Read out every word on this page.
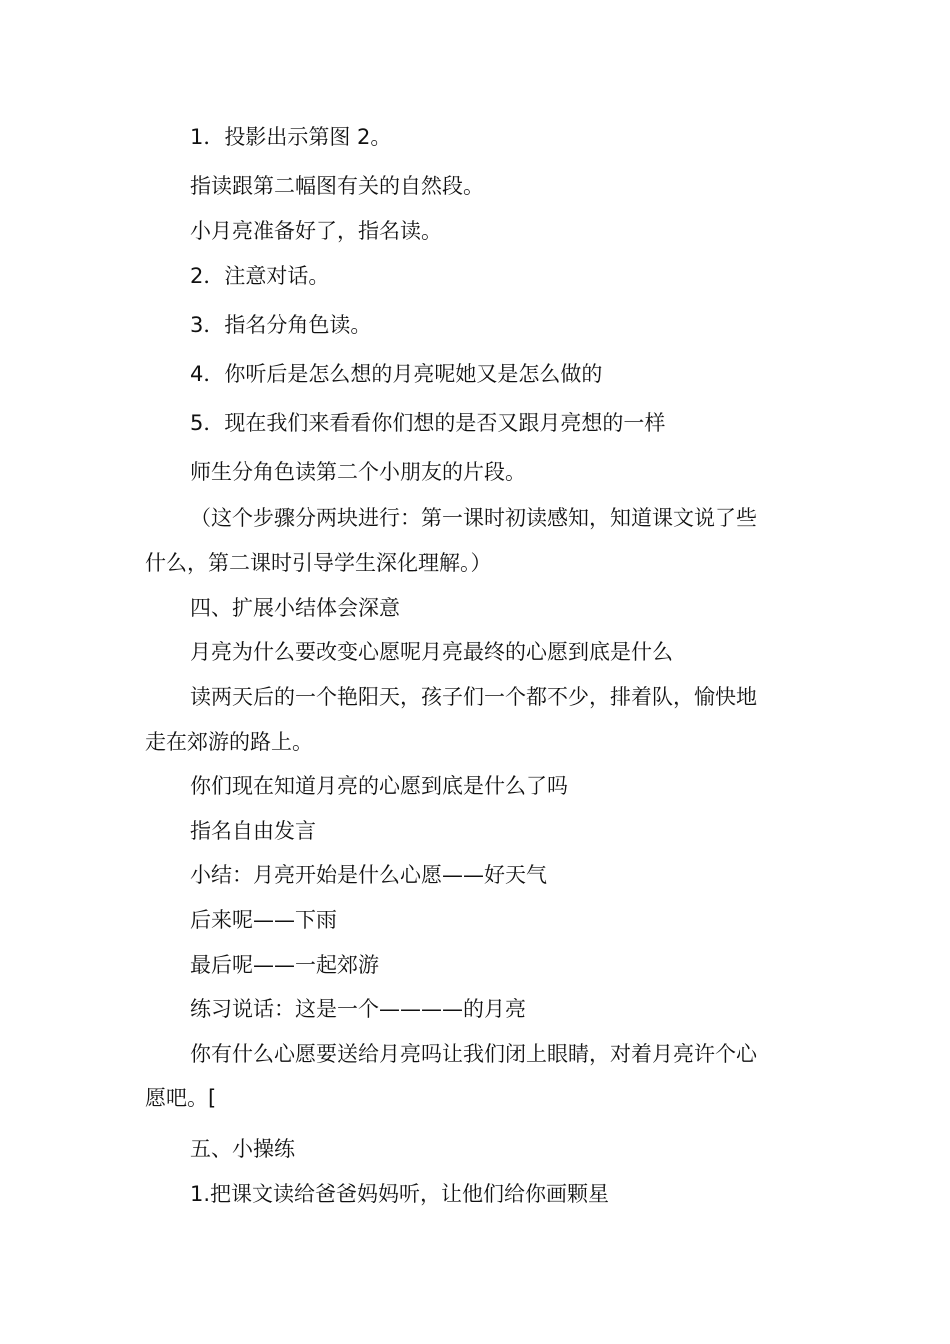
1．投影出示第图 2。
指读跟第二幅图有关的自然段。
小月亮准备好了，指名读。
2．注意对话。
3．指名分角色读。
4．你听后是怎么想的月亮呢她又是怎么做的
5．现在我们来看看你们想的是否又跟月亮想的一样
师生分角色读第二个小朋友的片段。
（这个步骤分两块进行：第一课时初读感知，知道课文说了些
什么，第二课时引导学生深化理解。）
四、扩展小结体会深意
月亮为什么要改变心愿呢月亮最终的心愿到底是什么
读两天后的一个艳阳天，孩子们一个都不少，排着队，愉快地
走在郊游的路上。
你们现在知道月亮的心愿到底是什么了吗
指名自由发言
小结：月亮开始是什么心愿——好天气
后来呢——下雨
最后呢——一起郊游
练习说话：这是一个————的月亮
你有什么心愿要送给月亮吗让我们闭上眼睛，对着月亮许个心
愿吧。[
五、小操练
1.把课文读给爸爸妈妈听，让他们给你画颗星
